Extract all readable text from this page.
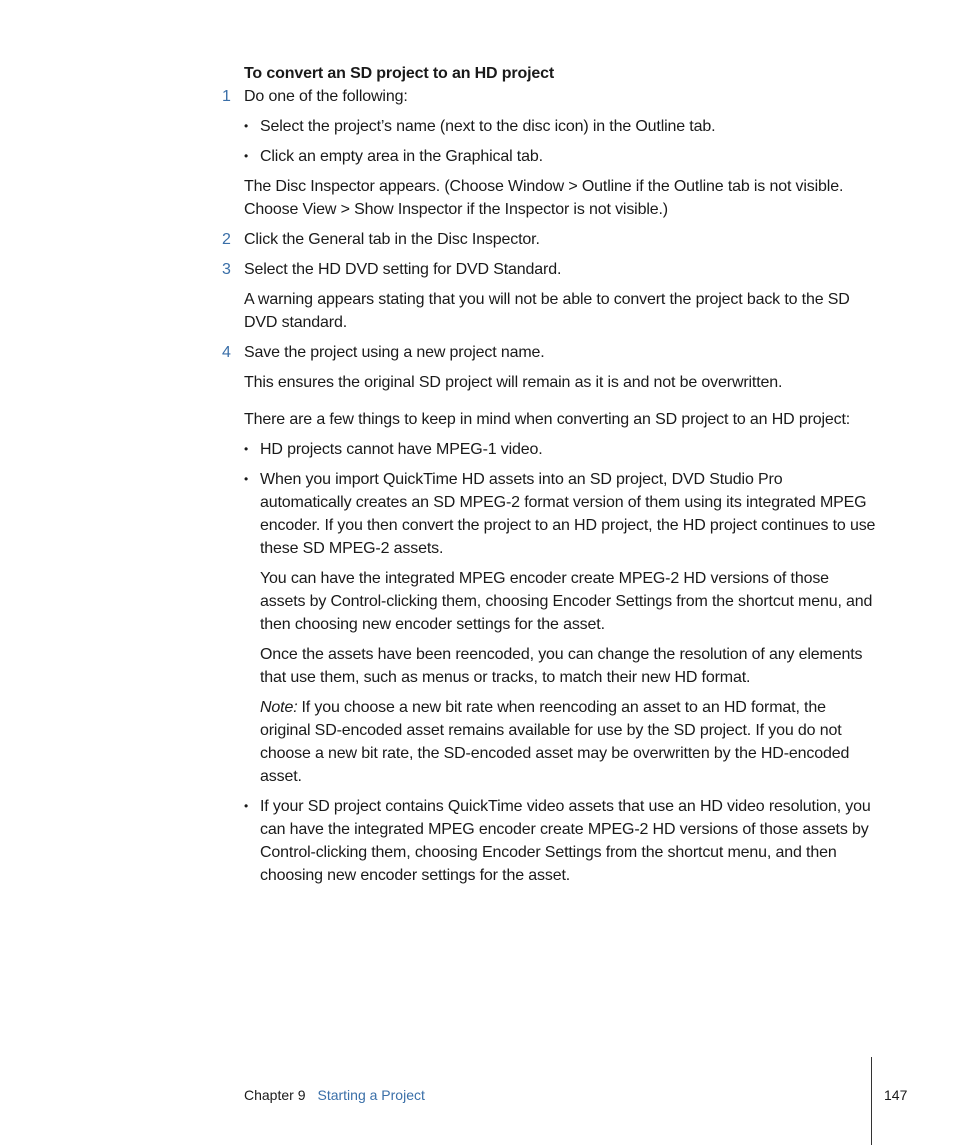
To convert an SD project to an HD project

1 Do one of the following:

• Select the project’s name (next to the disc icon) in the Outline tab.
• Click an empty area in the Graphical tab.

The Disc Inspector appears. (Choose Window > Outline if the Outline tab is not visible. Choose View > Show Inspector if the Inspector is not visible.)

2 Click the General tab in the Disc Inspector.

3 Select the HD DVD setting for DVD Standard.

A warning appears stating that you will not be able to convert the project back to the SD DVD standard.

4 Save the project using a new project name.

This ensures the original SD project will remain as it is and not be overwritten.

There are a few things to keep in mind when converting an SD project to an HD project:

• HD projects cannot have MPEG-1 video.
• When you import QuickTime HD assets into an SD project, DVD Studio Pro automatically creates an SD MPEG-2 format version of them using its integrated MPEG encoder. If you then convert the project to an HD project, the HD project continues to use these SD MPEG-2 assets.

You can have the integrated MPEG encoder create MPEG-2 HD versions of those assets by Control-clicking them, choosing Encoder Settings from the shortcut menu, and then choosing new encoder settings for the asset.

Once the assets have been reencoded, you can change the resolution of any elements that use them, such as menus or tracks, to match their new HD format.

Note: If you choose a new bit rate when reencoding an asset to an HD format, the original SD-encoded asset remains available for use by the SD project. If you do not choose a new bit rate, the SD-encoded asset may be overwritten by the HD-encoded asset.

• If your SD project contains QuickTime video assets that use an HD video resolution, you can have the integrated MPEG encoder create MPEG-2 HD versions of those assets by Control-clicking them, choosing Encoder Settings from the shortcut menu, and then choosing new encoder settings for the asset.
Chapter 9 Starting a Project	147
